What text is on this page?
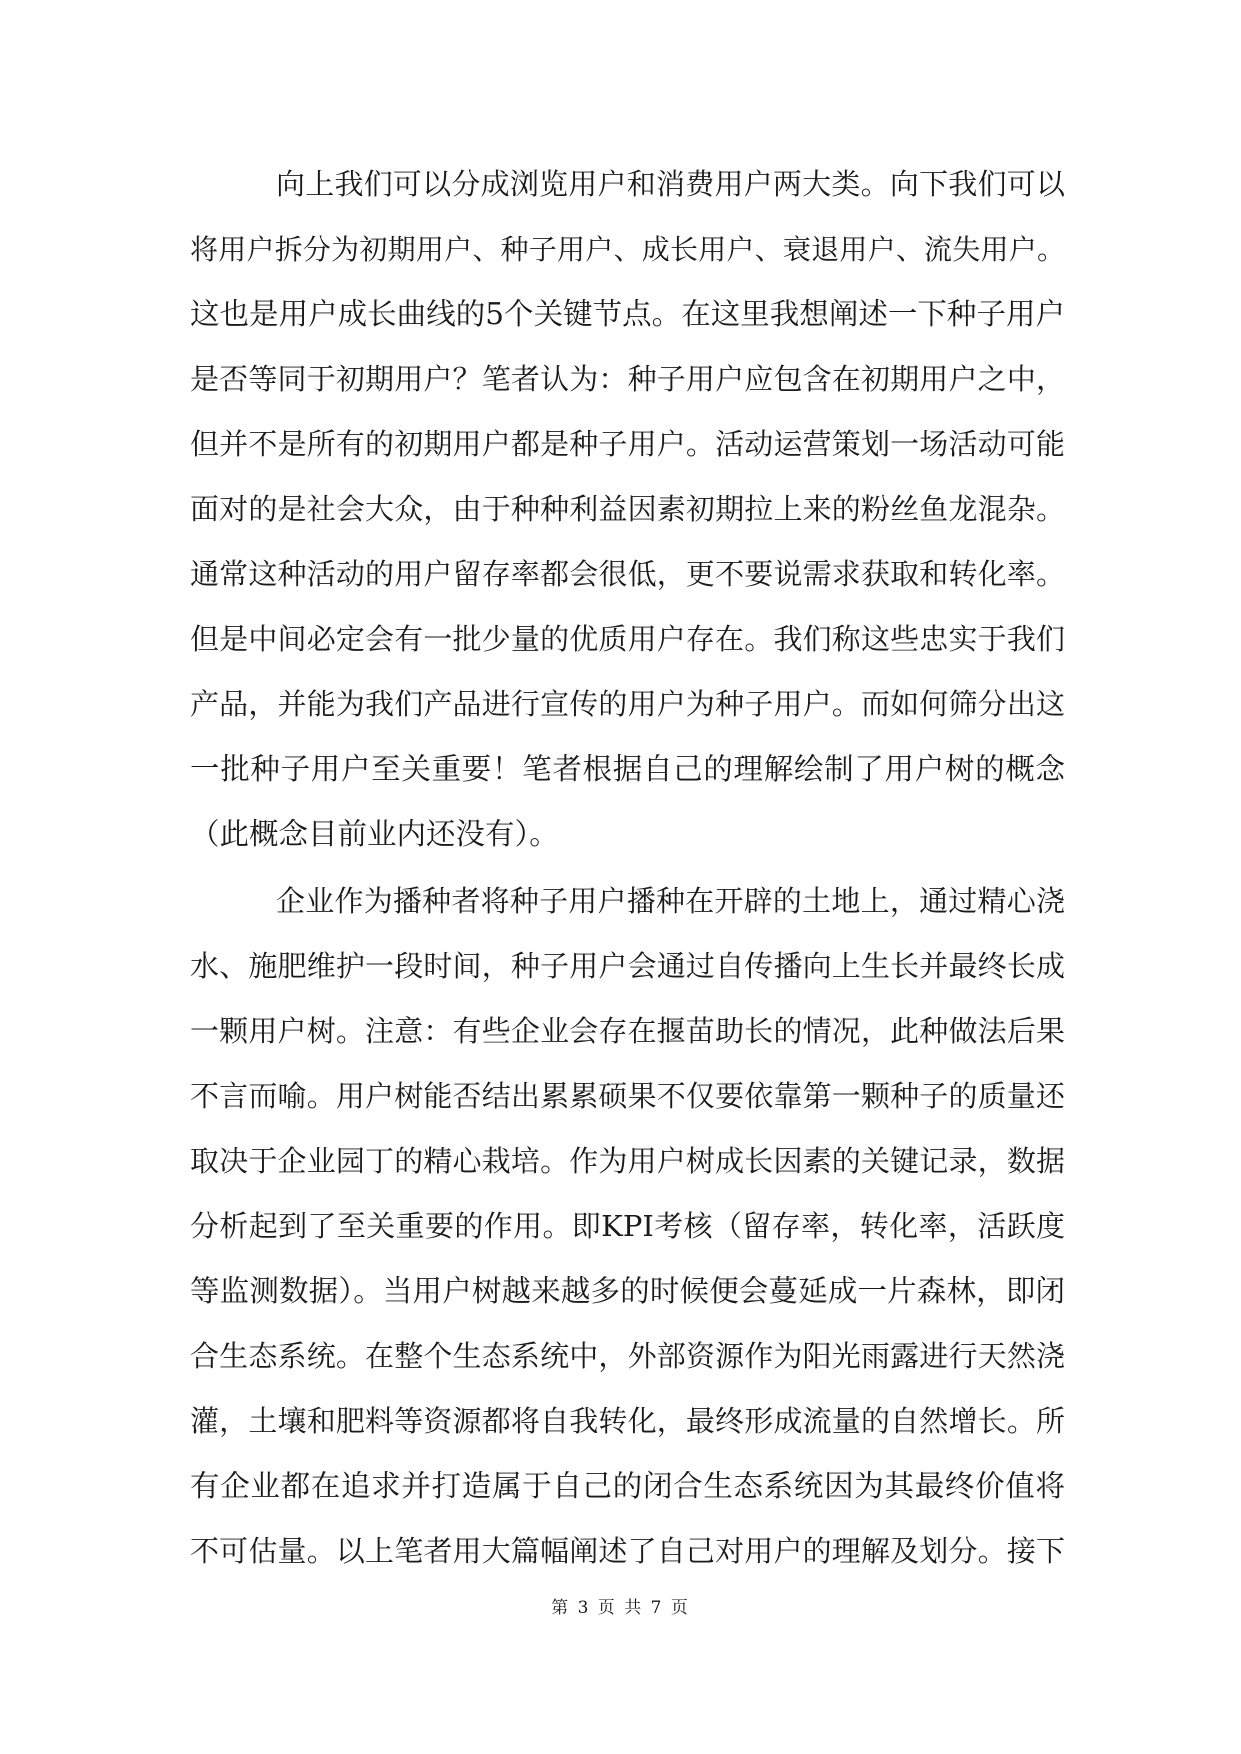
向上我们可以分成浏览用户和消费用户两大类。向下我们可以
将用户拆分为初期用户、种子用户、成长用户、衰退用户、流失用户。
这也是用户成长曲线的5个关键节点。在这里我想阐述一下种子用户
是否等同于初期用户？笔者认为：种子用户应包含在初期用户之中，
但并不是所有的初期用户都是种子用户。活动运营策划一场活动可能
面对的是社会大众，由于种种利益因素初期拉上来的粉丝鱼龙混杂。
通常这种活动的用户留存率都会很低，更不要说需求获取和转化率。
但是中间必定会有一批少量的优质用户存在。我们称这些忠实于我们
产品，并能为我们产品进行宣传的用户为种子用户。而如何筛分出这
一批种子用户至关重要！笔者根据自己的理解绘制了用户树的概念
（此概念目前业内还没有）。
企业作为播种者将种子用户播种在开辟的土地上，通过精心浇
水、施肥维护一段时间，种子用户会通过自传播向上生长并最终长成
一颗用户树。注意：有些企业会存在揠苗助长的情况，此种做法后果
不言而喻。用户树能否结出累累硕果不仅要依靠第一颗种子的质量还
取决于企业园丁的精心栽培。作为用户树成长因素的关键记录，数据
分析起到了至关重要的作用。即KPI考核（留存率，转化率，活跃度
等监测数据）。当用户树越来越多的时候便会蔓延成一片森林，即闭
合生态系统。在整个生态系统中，外部资源作为阳光雨露进行天然浇
灌，土壤和肥料等资源都将自我转化，最终形成流量的自然增长。所
有企业都在追求并打造属于自己的闭合生态系统因为其最终价值将
不可估量。以上笔者用大篇幅阐述了自己对用户的理解及划分。接下
第 3 页 共 7 页
